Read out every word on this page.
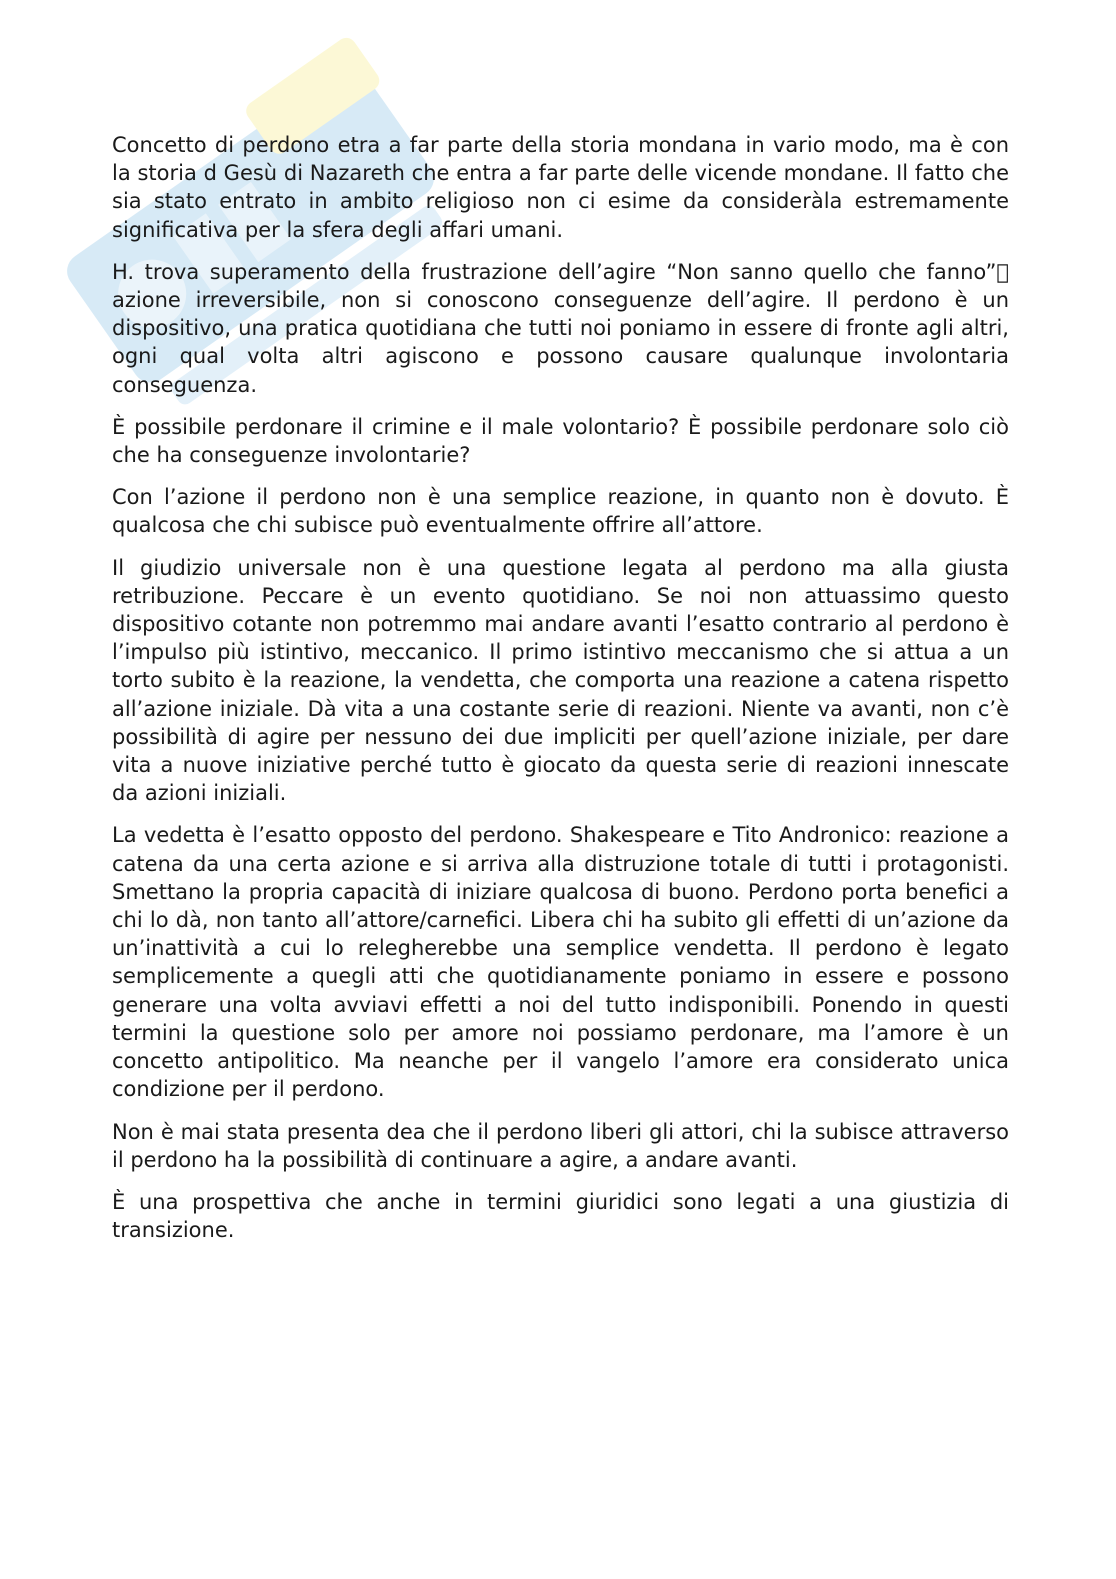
Concetto di perdono etra a far parte della storia mondana in vario modo, ma è con la storia d Gesù di Nazareth che entra a far parte delle vicende mondane. Il fatto che sia stato entrato in ambito religioso non ci esime da consideràla estremamente significativa per la sfera degli affari umani.

H. trova superamento della frustrazione dell’agire “Non sanno quello che fanno”  azione irreversibile, non si conoscono conseguenze dell’agire. Il perdono è un dispositivo, una pratica quotidiana che tutti noi poniamo in essere di fronte agli altri, ogni qual volta altri agiscono e possono causare qualunque involontaria conseguenza.

È possibile perdonare il crimine e il male volontario? È possibile perdonare solo ciò che ha conseguenze involontarie?

Con l’azione il perdono non è una semplice reazione, in quanto non è dovuto. È qualcosa che chi subisce può eventualmente offrire all’attore.

Il giudizio universale non è una questione legata al perdono ma alla giusta retribuzione. Peccare è un evento quotidiano. Se noi non attuassimo questo dispositivo cotante non potremmo mai andare avanti l’esatto contrario al perdono è l’impulso più istintivo, meccanico. Il primo istintivo meccanismo che si attua a un torto subito è la reazione, la vendetta, che comporta una reazione a catena rispetto all’azione iniziale. Dà vita a una costante serie di reazioni. Niente va avanti, non c’è possibilità di agire per nessuno dei due impliciti per quell’azione iniziale, per dare vita a nuove iniziative perché tutto è giocato da questa serie di reazioni innescate da azioni iniziali.

La vedetta è l’esatto opposto del perdono. Shakespeare e Tito Andronico: reazione a catena da una certa azione e si arriva alla distruzione totale di tutti i protagonisti. Smettano la propria capacità di iniziare qualcosa di buono. Perdono porta benefici a chi lo dà, non tanto all’attore/carnefici. Libera chi ha subito gli effetti di un’azione da un’inattività a cui lo relegherebbe una semplice vendetta. Il perdono è legato semplicemente a quegli atti che quotidianamente poniamo in essere e possono generare una volta avviavi effetti a noi del tutto indisponibili. Ponendo in questi termini la questione solo per amore noi possiamo perdonare, ma l’amore è un concetto antipolitico. Ma neanche per il vangelo l’amore era considerato unica condizione per il perdono.

Non è mai stata presenta dea che il perdono liberi gli attori, chi la subisce attraverso il perdono ha la possibilità di continuare a agire, a andare avanti.

È una prospettiva che anche in termini giuridici sono legati a una giustizia di transizione.
